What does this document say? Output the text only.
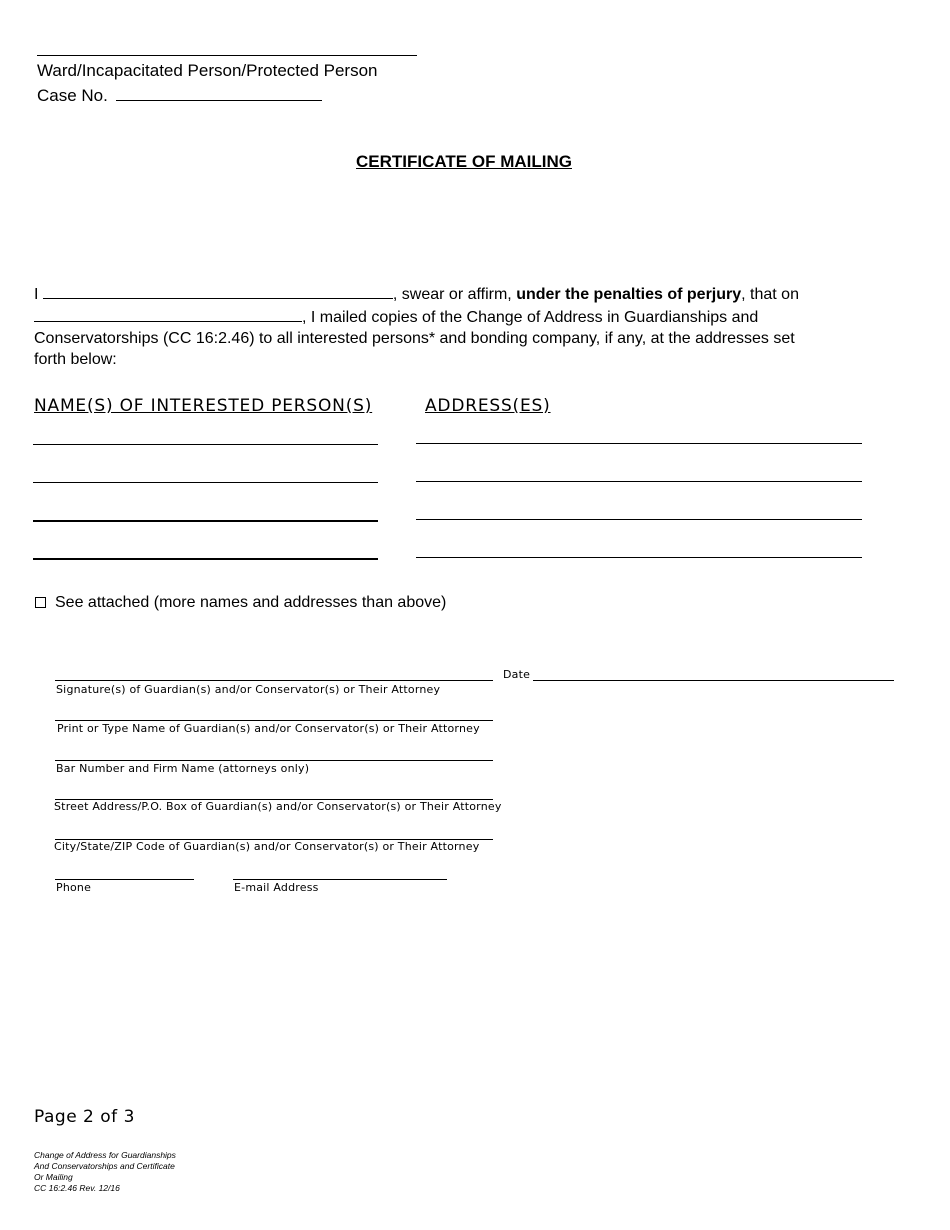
Ward/Incapacitated Person/Protected Person
Case No.
CERTIFICATE OF MAILING
I	, swear or affirm, under the penalties of perjury, that on
, I mailed copies of the Change of Address in Guardianships and
Conservatorships (CC 16:2.46) to all interested persons* and bonding company, if any, at the addresses set
forth below:
NAME(S) OF INTERESTED PERSON(S)	ADDRESS(ES)
See attached (more names and addresses than above)
Signature(s) of Guardian(s) and/or Conservator(s) or Their Attorney
Date
Print or Type Name of Guardian(s) and/or Conservator(s) or Their Attorney
Bar Number and Firm Name (attorneys only)
Street Address/P.O. Box of Guardian(s) and/or Conservator(s) or Their Attorney
City/State/ZIP Code of Guardian(s) and/or Conservator(s) or Their Attorney
Phone	E-mail Address
Page 2 of 3
Change of Address for Guardianships
And Conservatorships and Certificate
Or Mailing
CC 16:2.46 Rev. 12/16
